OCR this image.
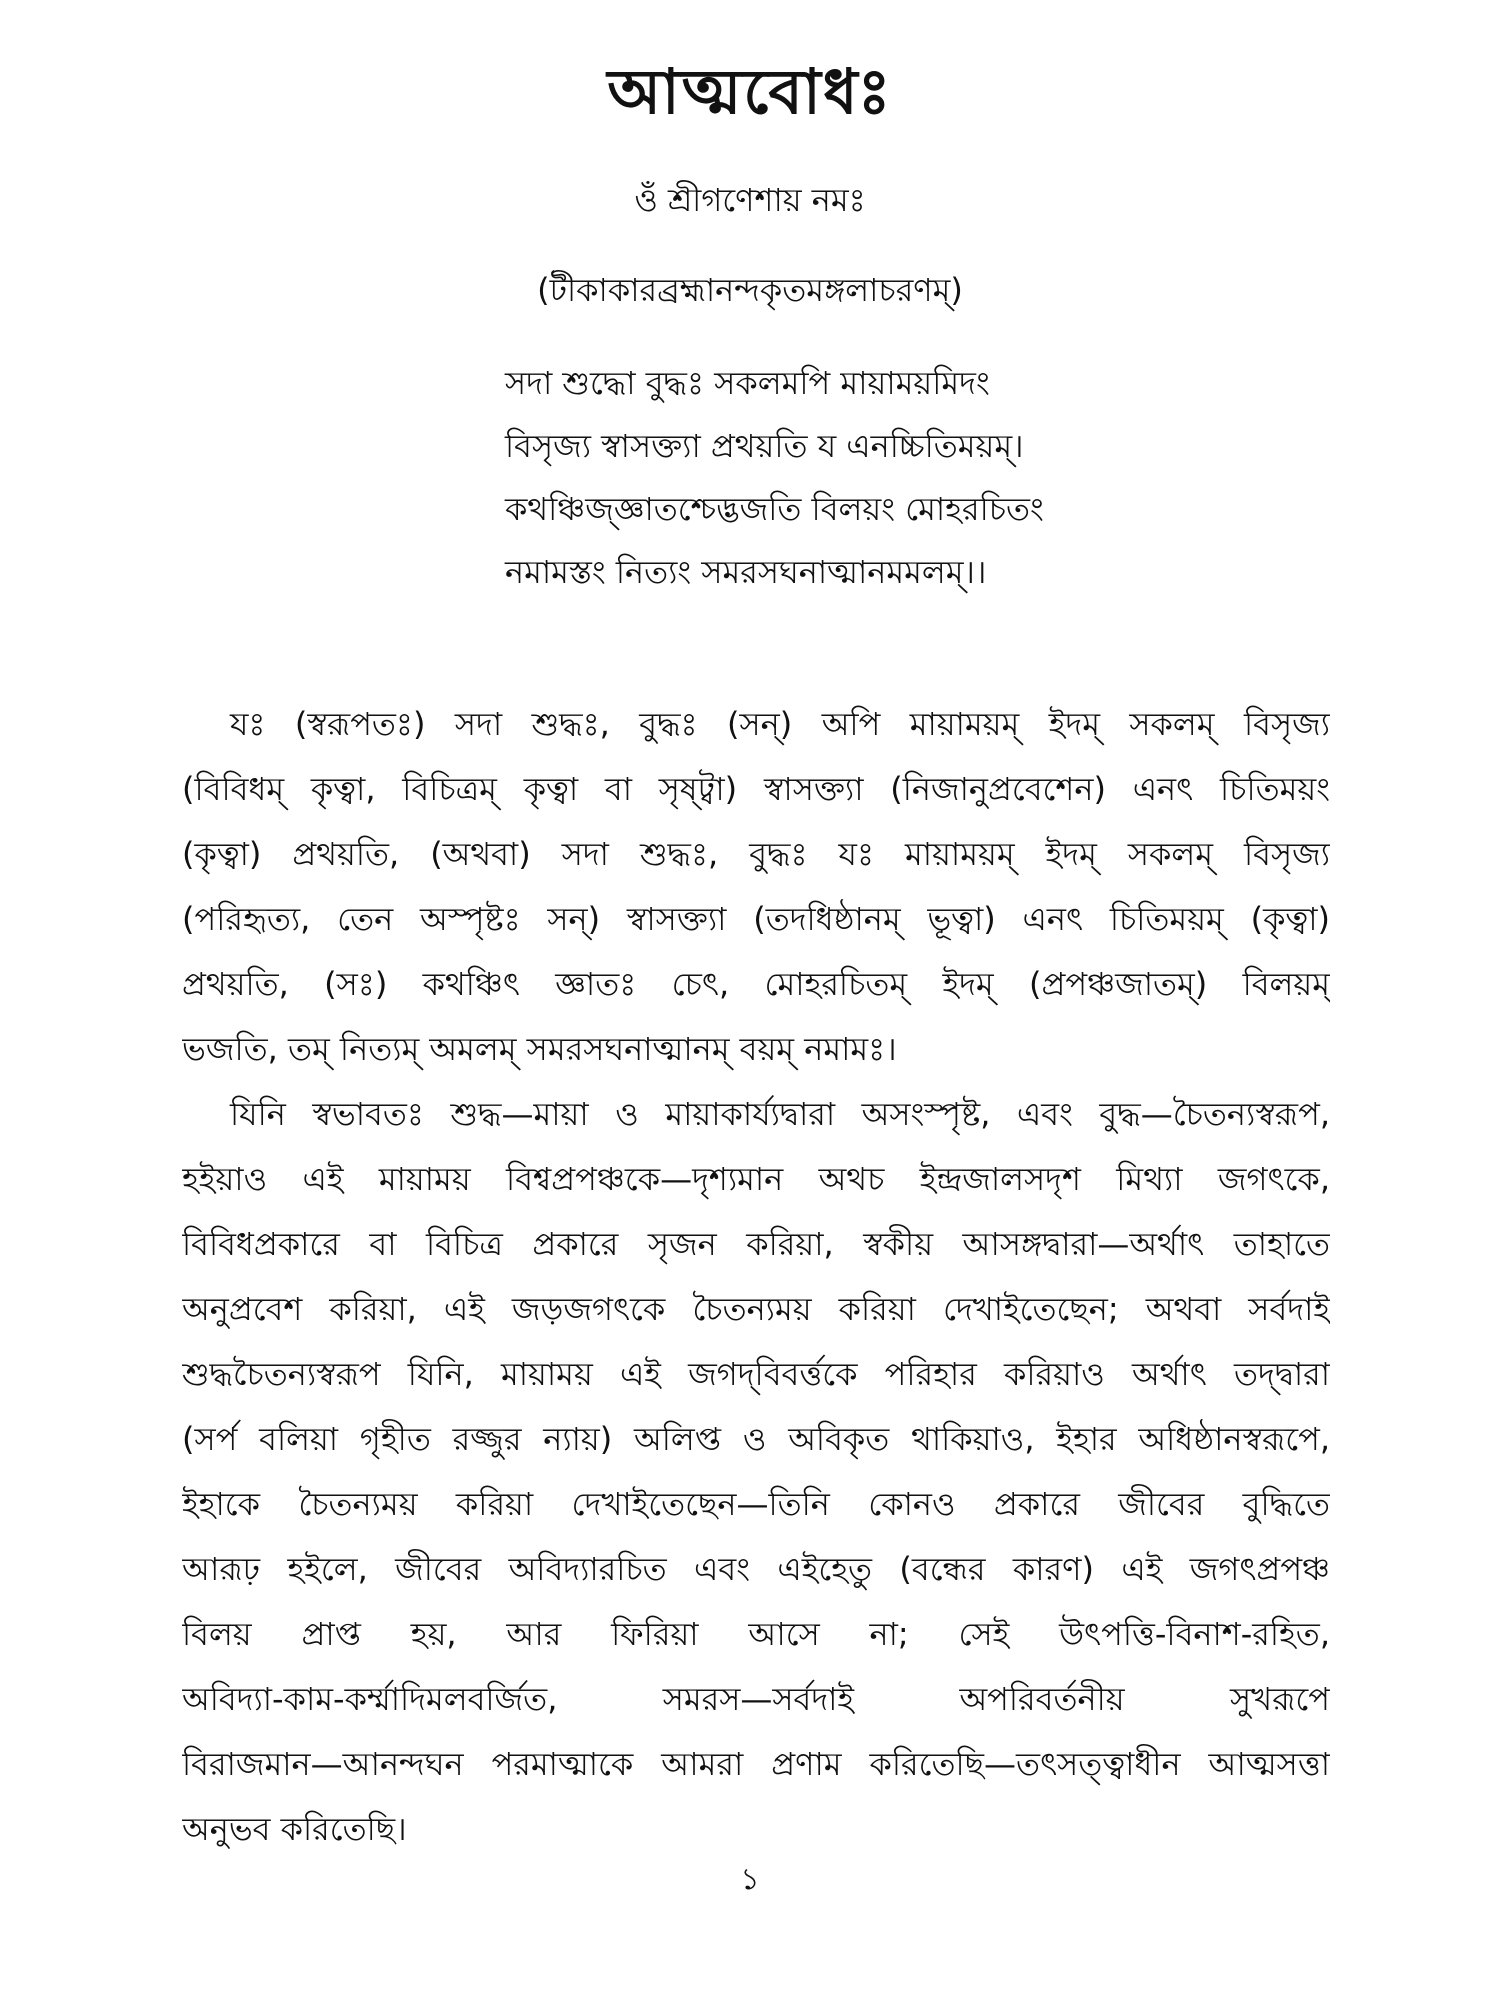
আত্মবোধঃ
ওঁ শ্রীগণেশায় নমঃ
(টীকাকারব্রহ্মানন্দকৃতমঙ্গলাচরণম্)
সদা শুদ্ধো বুদ্ধঃ সকলমপি মায়াময়মিদং
বিসৃজ্য স্বাসক্ত্যা প্রথয়তি য এনচ্চিতিময়ম্।
কথঞ্চিজ্জ্ঞাতশ্চেদ্ভজতি বিলয়ং মোহরচিতং
নমামস্তং নিত্যং সমরসঘনাত্মানমমলম্।।
যঃ (স্বরূপতঃ) সদা শুদ্ধঃ, বুদ্ধঃ (সন্) অপি মায়াময়ম্ ইদম্ সকলম্ বিসৃজ্য
(বিবিধম্ কৃত্বা, বিচিত্রম্ কৃত্বা বা সৃষ্ট্বা) স্বাসক্ত্যা (নিজানুপ্রবেশেন) এনৎ চিতিময়ং
(কৃত্বা) প্রথয়তি, (অথবা) সদা শুদ্ধঃ, বুদ্ধঃ যঃ মায়াময়ম্ ইদম্ সকলম্ বিসৃজ্য
(পরিহৃত্য, তেন অস্পৃষ্টঃ সন্) স্বাসক্ত্যা (তদধিষ্ঠানম্ ভূত্বা) এনৎ চিতিময়ম্ (কৃত্বা)
প্রথয়তি, (সঃ) কথঞ্চিৎ জ্ঞাতঃ চেৎ, মোহরচিতম্ ইদম্ (প্রপঞ্চজাতম্) বিলয়ম্
ভজতি, তম্ নিত্যম্ অমলম্ সমরসঘনাত্মানম্ বয়ম্ নমামঃ।
যিনি স্বভাবতঃ শুদ্ধ—মায়া ও মায়াকার্য্যদ্বারা অসংস্পৃষ্ট, এবং বুদ্ধ—চৈতন্যস্বরূপ,
হইয়াও এই মায়াময় বিশ্বপ্রপঞ্চকে—দৃশ্যমান অথচ ইন্দ্রজালসদৃশ মিথ্যা জগৎকে,
বিবিধপ্রকারে বা বিচিত্র প্রকারে সৃজন করিয়া, স্বকীয় আসঙ্গদ্বারা—অর্থাৎ তাহাতে
অনুপ্রবেশ করিয়া, এই জড়জগৎকে চৈতন্যময় করিয়া দেখাইতেছেন; অথবা সর্বদাই
শুদ্ধচৈতন্যস্বরূপ যিনি, মায়াময় এই জগদ্‌বিবর্ত্তকে পরিহার করিয়াও অর্থাৎ তদ্দ্বারা
(সর্প বলিয়া গৃহীত রজ্জুর ন্যায়) অলিপ্ত ও অবিকৃত থাকিয়াও, ইহার অধিষ্ঠানস্বরূপে,
ইহাকে চৈতন্যময় করিয়া দেখাইতেছেন—তিনি কোনও প্রকারে জীবের বুদ্ধিতে
আরূঢ় হইলে, জীবের অবিদ্যারচিত এবং এইহেতু (বন্ধের কারণ) এই জগৎপ্রপঞ্চ
বিলয় প্রাপ্ত হয়, আর ফিরিয়া আসে না; সেই উৎপত্তি-বিনাশ-রহিত,
অবিদ্যা-কাম-কর্ম্মাদিমলবর্জিত, সমরস—সর্বদাই অপরিবর্তনীয় সুখরূপে
বিরাজমান—আনন্দঘন পরমাত্মাকে আমরা প্রণাম করিতেছি—তৎসত্ত্বাধীন আত্মসত্তা
অনুভব করিতেছি।
১
